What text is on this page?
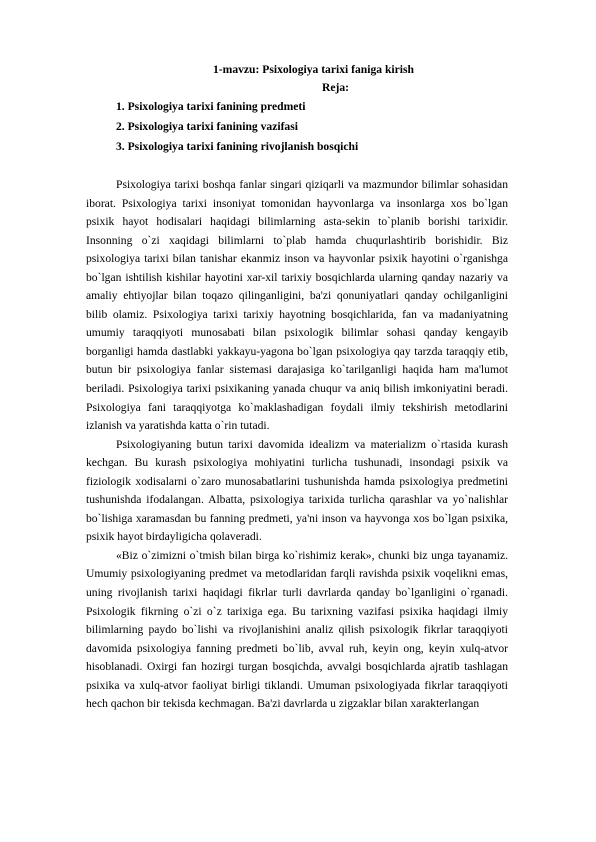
1-mavzu: Psixologiya tarixi faniga kirish
Reja:
1. Psixologiya tarixi fanining predmeti
2. Psixologiya tarixi fanining vazifasi
3. Psixologiya tarixi fanining rivojlanish bosqichi

Psixologiya tarixi boshqa fanlar singari qiziqarli va mazmundor bilimlar sohasidan iborat. Psixologiya tarixi insoniyat tomonidan hayvonlarga va insonlarga xos bo`lgan psixik hayot hodisalari haqidagi bilimlarning asta-sekin to`planib borishi tarixidir. Insonning o`zi xaqidagi bilimlarni to`plab hamda chuqurlashtirib borishidir. Biz psixologiya tarixi bilan tanishar ekanmiz inson va hayvonlar psixik hayotini o`rganishga bo`lgan ishtilish kishilar hayotini xar-xil tarixiy bosqichlarda ularning qanday nazariy va amaliy ehtiyojlar bilan toqazo qilinganligini, ba'zi qonuniyatlari qanday ochilganligini bilib olamiz. Psixologiya tarixi tarixiy hayotning bosqichlarida, fan va madaniyatning umumiy taraqqiyoti munosabati bilan psixologik bilimlar sohasi qanday kengayib borganligi hamda dastlabki yakkayu-yagona bo`lgan psixologiya qay tarzda taraqqiy etib, butun bir psixologiya fanlar sistemasi darajasiga ko`tarilganligi haqida ham ma'lumot beriladi. Psixologiya tarixi psixikaning yanada chuqur va aniq bilish imkoniyatini beradi. Psixologiya fani taraqqiyotga ko`maklashadigan foydali ilmiy tekshirish metodlarini izlanish va yaratishda katta o`rin tutadi.

Psixologiyaning butun tarixi davomida idealizm va materializm o`rtasida kurash kechgan. Bu kurash psixologiya mohiyatini turlicha tushunadi, insondagi psixik va fiziologik xodisalarni o`zaro munosabatlarini tushunishda hamda psixologiya predmetini tushunishda ifodalangan. Albatta, psixologiya tarixida turlicha qarashlar va yo`nalishlar bo`lishiga xaramasdan bu fanning predmeti, ya'ni inson va hayvonga xos bo`lgan psixika, psixik hayot birdayligicha qolaveradi.

«Biz o`zimizni o`tmish bilan birga ko`rishimiz kerak», chunki biz unga tayanamiz. Umumiy psixologiyaning predmet va metodlaridan farqli ravishda psixik voqelikni emas, uning rivojlanish tarixi haqidagi fikrlar turli davrlarda qanday bo`lganligini o`rganadi. Psixologik fikrning o`zi o`z tarixiga ega. Bu tarixning vazifasi psixika haqidagi ilmiy bilimlarning paydo bo`lishi va rivojlanishini analiz qilish psixologik fikrlar taraqqiyoti davomida psixologiya fanning predmeti bo`lib, avval ruh, keyin ong, keyin xulq-atvor hisoblanadi. Oxirgi fan hozirgi turgan bosqichda, avvalgi bosqichlarda ajratib tashlagan psixika va xulq-atvor faoliyat birligi tiklandi. Umuman psixologiyada fikrlar taraqqiyoti hech qachon bir tekisda kechmagan. Ba'zi davrlarda u zigzaklar bilan xarakterlangan
